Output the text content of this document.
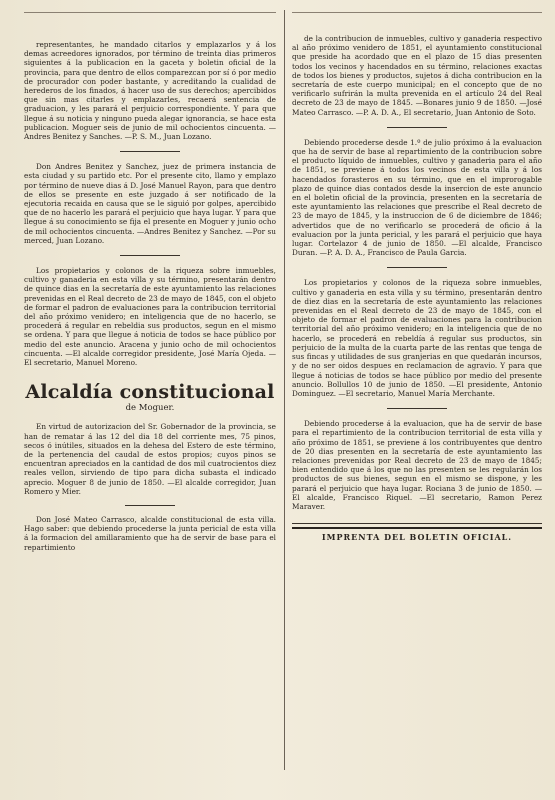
representantes, he mandado citarlos y emplazarlos y á los demas acreedores ignorados, por término de treinta dias primeros siguientes á la publicacion en la gaceta y boletin oficial de la provincia, para que dentro de ellos comparezcan por sí ó por medio de procurador con poder bastante, y acreditando la cualidad de herederos de los finados, á hacer uso de sus derechos; apercibidos que sin mas citarles y emplazarles, recaerá sentencia de graduacion, y les parará el perjuicio correspondiente. Y para que llegue á su noticia y ninguno pueda alegar ignorancia, se hace esta publicacion. Moguer seis de junio de mil ochocientos cincuenta. —Andres Benitez y Sanches. —P. S. M., Juan Lozano.

Don Andres Benitez y Sanchez, juez de primera instancia de esta ciudad y su partido etc. Por el presente cito, llamo y emplazo por término de nueve dias á D. José Manuel Rayon, para que dentro de ellos se presente en este juzgado á ser notificado de la ejecutoria recaida en causa que se le siguió por golpes, apercibido que de no hacerlo les parará el perjuicio que haya lugar. Y para que llegue á su conocimiento se fija el presente en Moguer y junio ocho de mil ochocientos cincuenta. —Andres Benitez y Sanchez. —Por su merced, Juan Lozano.

Los propietarios y colonos de la riqueza sobre inmuebles, cultivo y ganaderia en esta villa y su término, presentarán dentro de quince dias en la secretaría de este ayuntamiento las relaciones prevenidas en el Real decreto de 23 de mayo de 1845, con el objeto de formar el padron de evaluaciones para la contribucion territorial del año próximo venidero; en inteligencia que de no hacerlo, se procederá á regular en rebeldia sus productos, segun en el mismo se ordena. Y para que llegue á noticia de todos se hace público por medio del este anuncio. Aracena y junio ocho de mil ochocientos cincuenta. —El alcalde corregidor presidente, José María Ojeda. —El secretario, Manuel Moreno.

Alcaldía constitucional
de Moguer.

En virtud de autorizacion del Sr. Gobernador de la provincia, se han de rematar á las 12 del dia 18 del corriente mes, 75 pinos, secos ó inútiles, situados en la dehesa del Estero de este término, de la pertenencia del caudal de estos propios; cuyos pinos se encuentran apreciados en la cantidad de dos mil cuatrocientos diez reales vellon, sirviendo de tipo para dicha subasta el indicado aprecio. Moguer 8 de junio de 1850. —El alcalde corregidor, Juan Romero y Mier.

Don José Mateo Carrasco, alcalde constitucional de esta villa. Hago saber: que debiendo procederse la junta pericial de esta villa á la formacion del amillaramiento que ha de servir de base para el repartimiento

de la contribucion de inmuebles, cultivo y ganaderia respectivo al año próximo venidero de 1851, el ayuntamiento constitucional que preside ha acordado que en el plazo de 15 dias presenten todos los vecinos y hacendados en su término, relaciones exactas de todos los bienes y productos, sujetos á dicha contribucion en la secretaría de este cuerpo municipal; en el concepto que de no verificarlo sufrirán la multa prevenida en el artículo 24 del Real decreto de 23 de mayo de 1845. —Bonares junio 9 de 1850. —José Mateo Carrasco. —P. A. D. A., El secretario, Juan Antonio de Soto.

Debiendo procederse desde 1.º de julio próximo á la evaluacion que ha de servir de base al repartimiento de la contribucion sobre el producto líquido de inmuebles, cultivo y ganaderia para el año de 1851, se previene á todos los vecinos de esta villa y á los hacendados forasteros en su término, que en el improrogable plazo de quince dias contados desde la insercion de este anuncio en el boletin oficial de la provincia, presenten en la secretaría de este ayuntamiento las relaciones que prescribe el Real decreto de 23 de mayo de 1845, y la instruccion de 6 de diciembre de 1846; advertidos que de no verificarlo se procederá de oficio á la evaluacion por la junta pericial, y les parará el perjuicio que haya lugar. Cortelazor 4 de junio de 1850. —El alcalde, Francisco Duran. —P. A. D. A., Francisco de Paula Garcia.

Los propietarios y colonos de la riqueza sobre inmuebles, cultivo y ganaderia en esta villa y su término, presentarán dentro de diez dias en la secretaría de este ayuntamiento las relaciones prevenidas en el Real decreto de 23 de mayo de 1845, con el objeto de formar el padron de evaluaciones para la contribucion territorial del año próximo venidero; en la inteligencia que de no hacerlo, se procederá en rebeldía á regular sus productos, sin perjuicio de la multa de la cuarta parte de las rentas que tenga de sus fincas y utilidades de sus granjerias en que quedarán incursos, y de no ser oidos despues en reclamacion de agravio. Y para que llegue á noticias de todos se hace público por medio del presente anuncio. Bollullos 10 de junio de 1850. —El presidente, Antonio Dominguez. —El secretario, Manuel María Merchante.

Debiendo procederse á la evaluacion, que ha de servir de base para el repartimiento de la contribucion territorial de esta villa y año próximo de 1851, se previene á los contribuyentes que dentro de 20 dias presenten en la secretaría de este ayuntamiento las relaciones prevenidas por Real decreto de 23 de mayo de 1845; bien entendido que á los que no las presenten se les regularán los productos de sus bienes, segun en el mismo se dispone, y les parará el perjuicio que haya lugar. Rociana 3 de junio de 1850. —El alcalde, Francisco Riquel. —El secretario, Ramon Perez Maraver.

IMPRENTA DEL BOLETIN OFICIAL.
